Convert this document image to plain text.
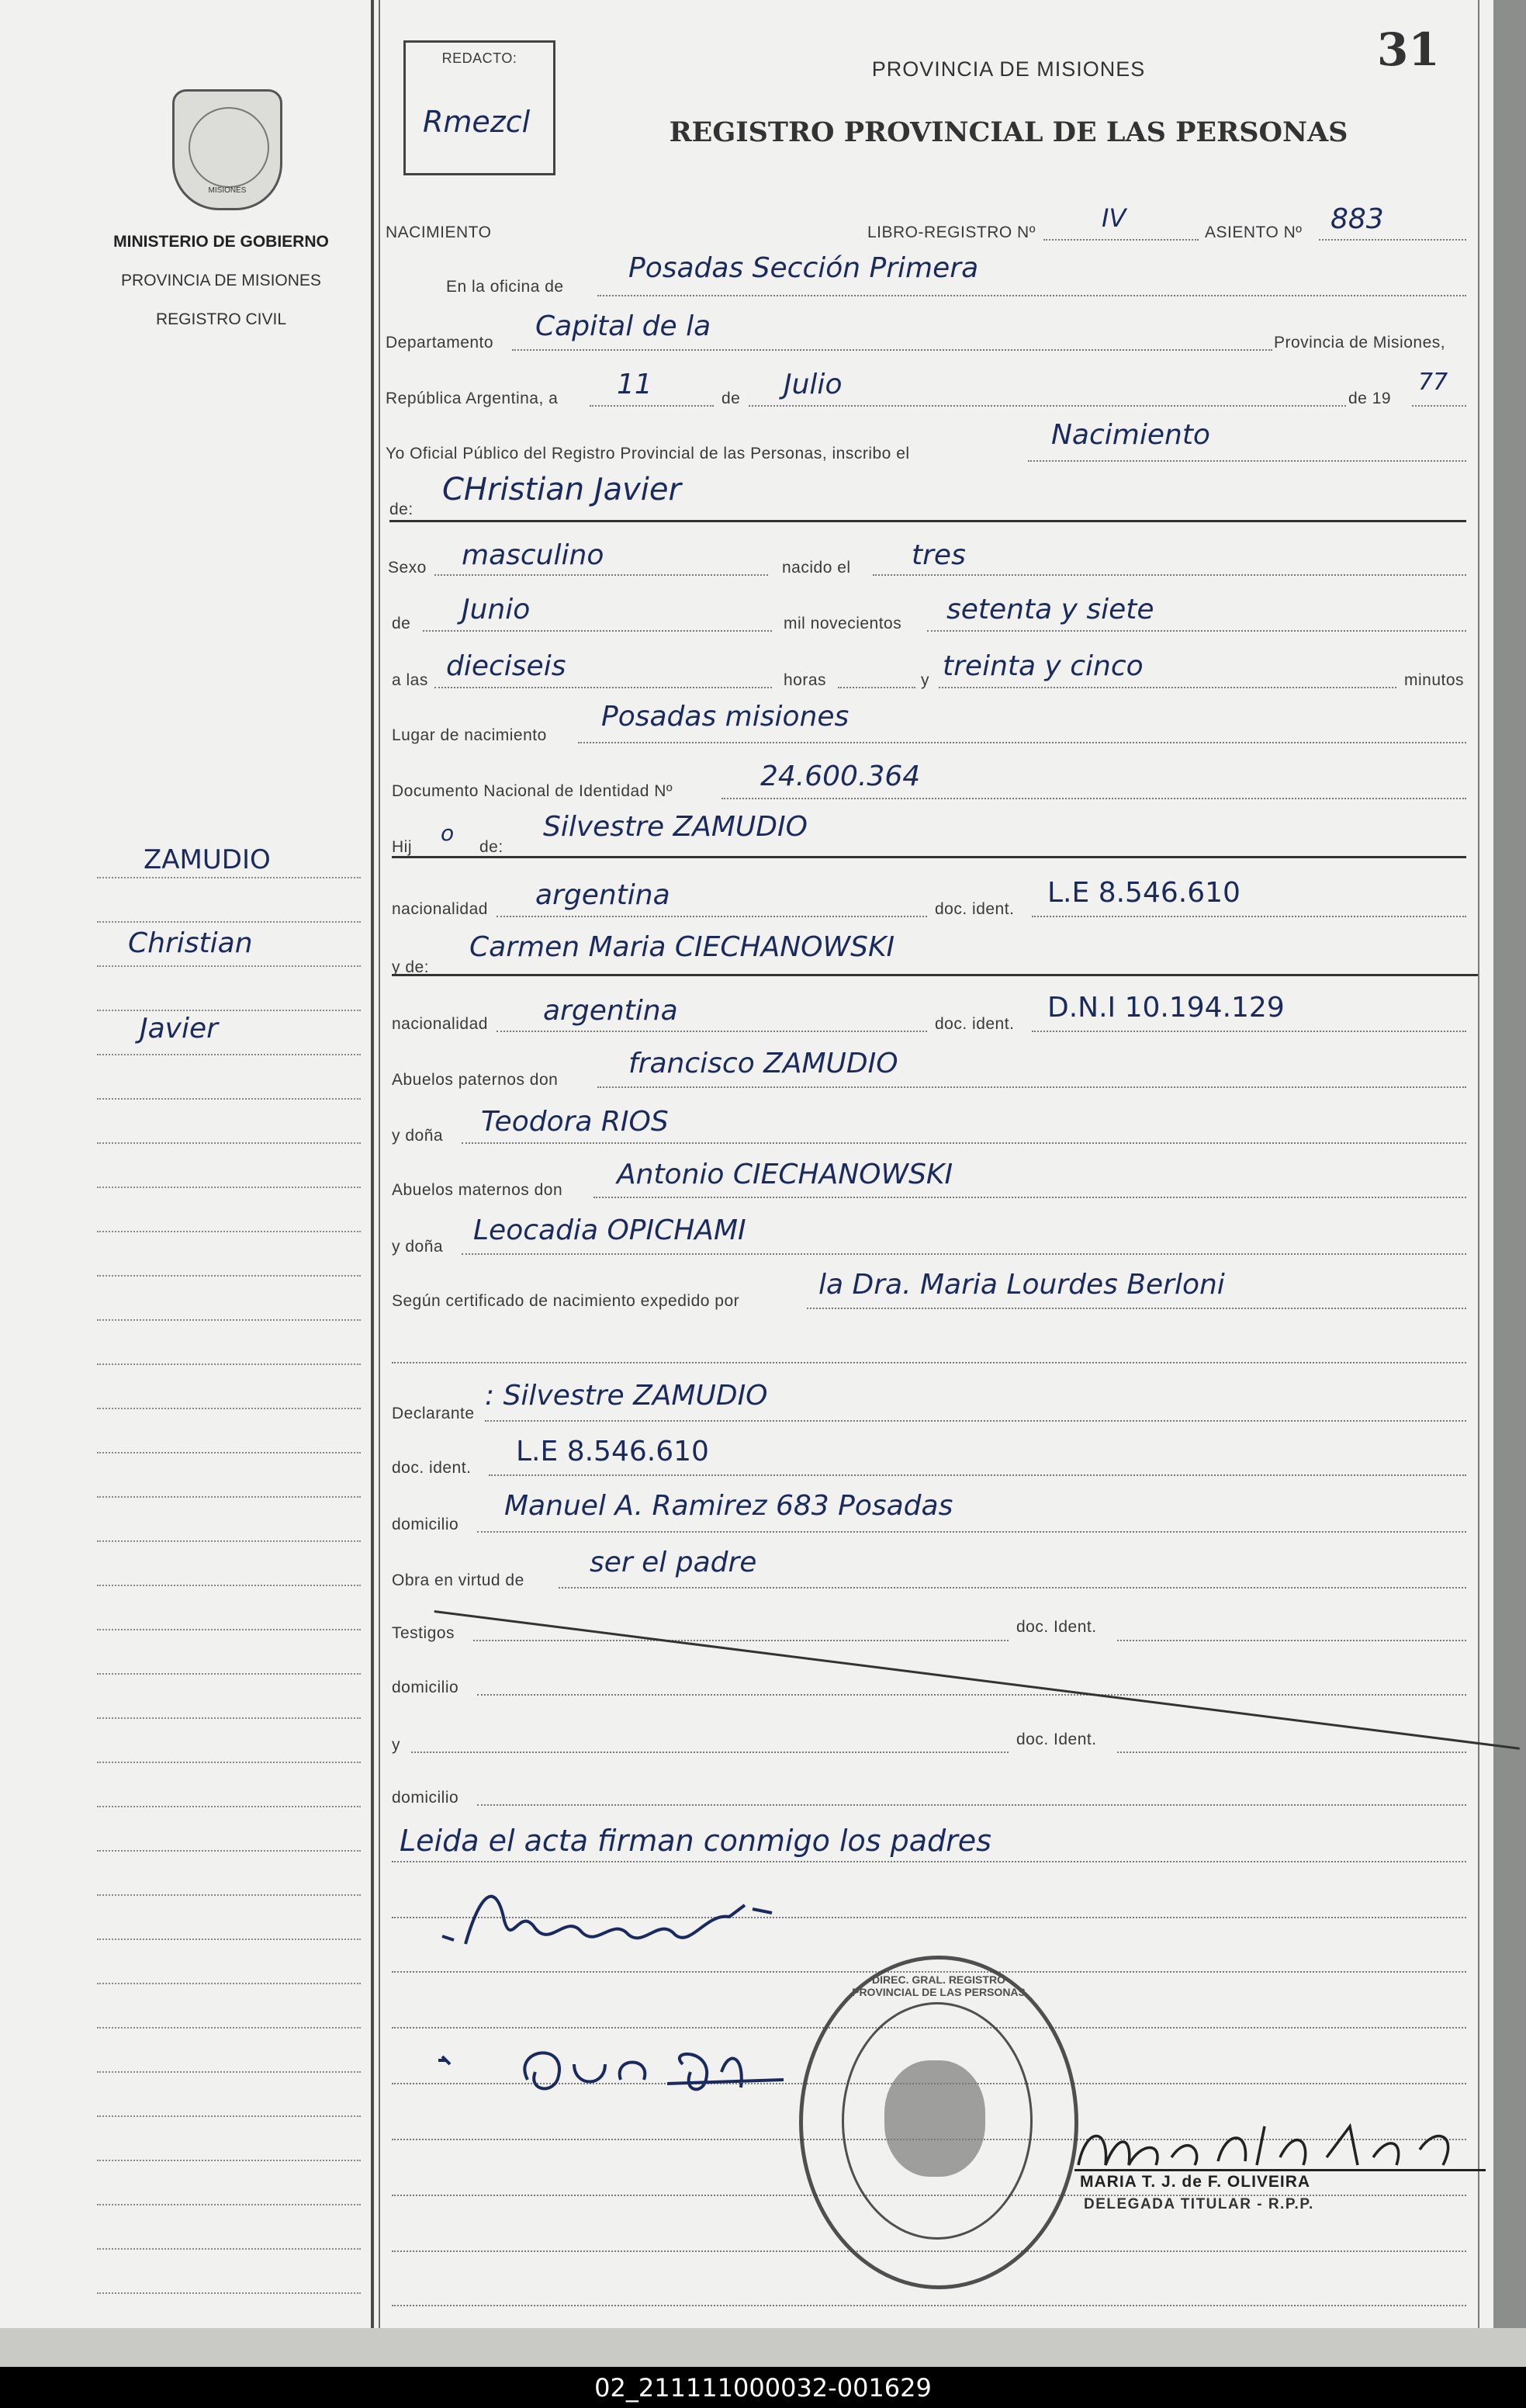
31
MISIONES
MINISTERIO DE GOBIERNO
PROVINCIA DE MISIONES
REGISTRO CIVIL
REDACTO:
Rmezcl
PROVINCIA DE MISIONES
REGISTRO PROVINCIAL DE LAS PERSONAS
NACIMIENTO	LIBRO-REGISTRO Nº	IV	ASIENTO Nº 883
En la oficina de
Posadas Sección Primera
Departamento
Capital de la
Provincia de Misiones,
República Argentina, a 11	de Julio	de 19
77
Yo Oficial Público del Registro Provincial de las Personas, inscribo el
Nacimiento
de:
CHristian Javier
Sexo masculino	nacido el tres
de Junio	mil novecientos setenta y siete
a las dieciseis	horas	y treinta y cinco	minutos
Lugar de nacimiento
Posadas misiones
Documento Nacional de Identidad Nº	24.600.364
Hij
o
de:
Silvestre ZAMUDIO
nacionalidad argentina	doc. ident.
L.E 8.546.610
y de:
Carmen Maria CIECHANOWSKI
nacionalidad argentina	doc. ident.
D.N.I 10.194.129
Abuelos paternos don
francisco ZAMUDIO
y doña Teodora RIOS
Abuelos maternos don Antonio CIECHANOWSKI
y doña
Leocadia OPICHAMI
Según certificado de nacimiento expedido por
la Dra. Maria Lourdes Berloni
Declarante
: Silvestre ZAMUDIO
doc. ident.
L.E 8.546.610
domicilio
Manuel A. Ramirez 683 Posadas
Obra en virtud de
ser el padre
Testigos	doc. Ident.
domicilio
y	doc. Ident.
domicilio
Leida el acta firman conmigo los padres
DIREC. GRAL. REGISTRO PROVINCIAL DE LAS PERSONAS
MARIA T. J. de F. OLIVEIRA
DELEGADA TITULAR - R.P.P.
ZAMUDIO
Christian
Javier
02_211111000032-001629
